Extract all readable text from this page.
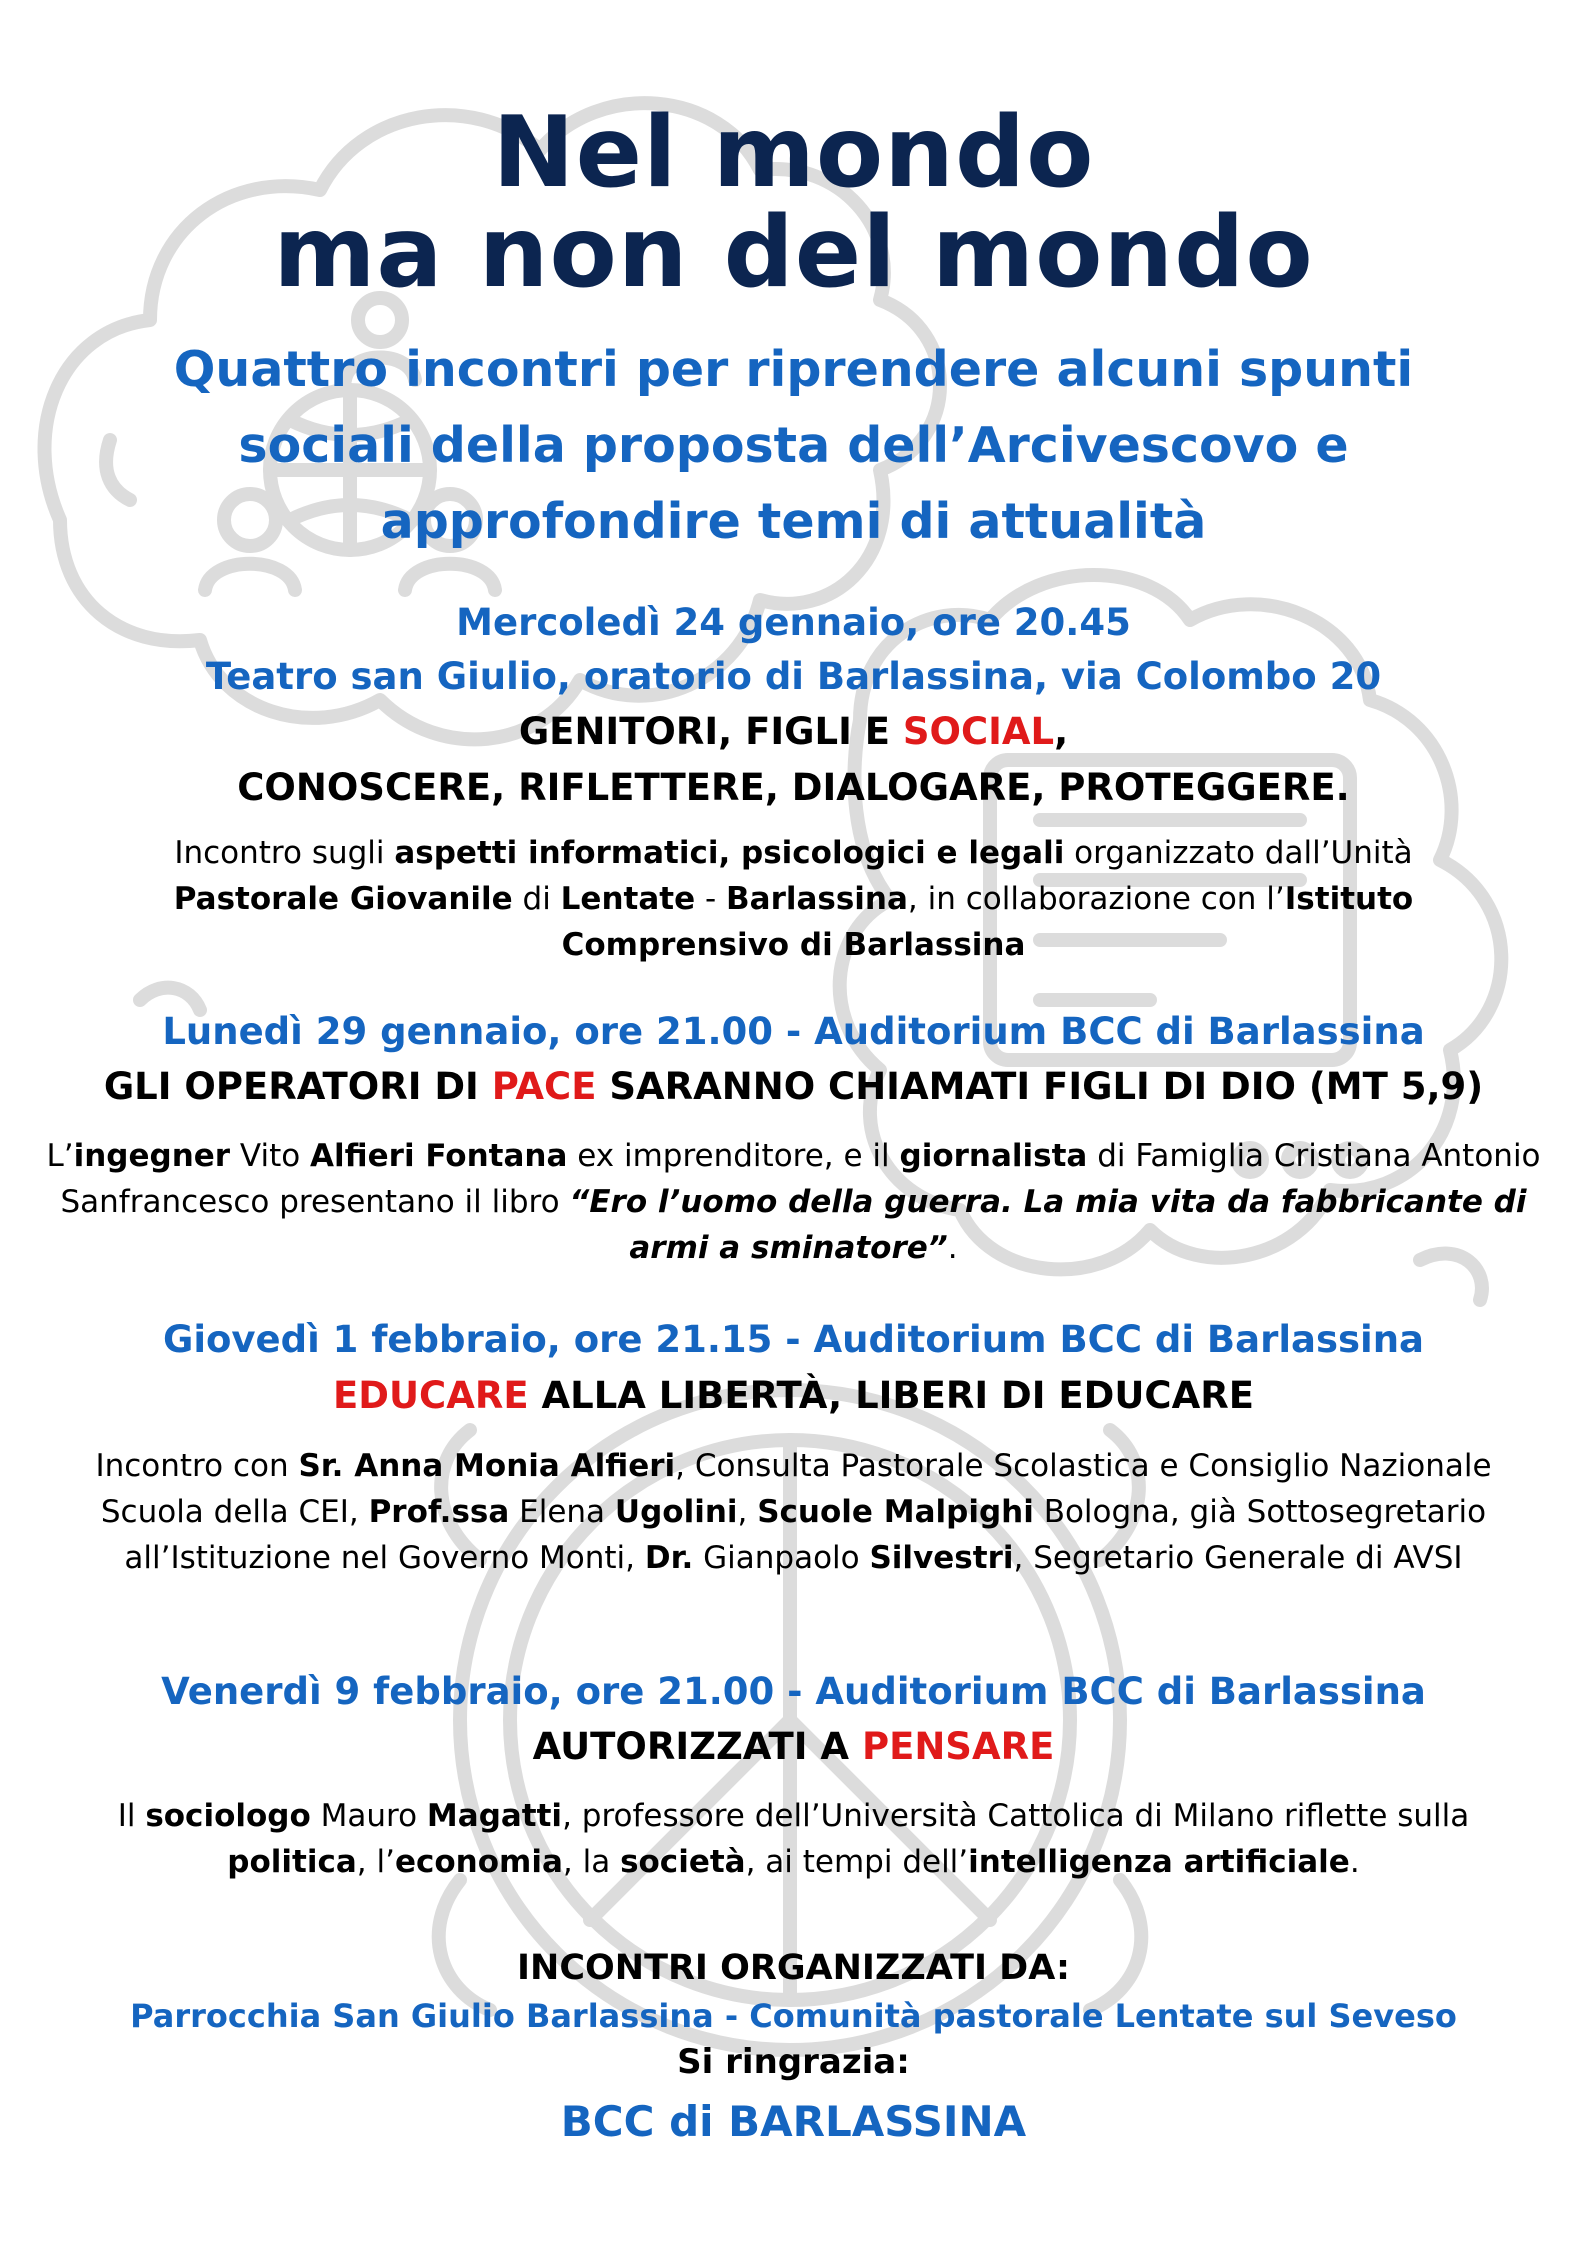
Nel mondo
ma non del mondo
Quattro incontri per riprendere alcuni spunti
sociali della proposta dell’Arcivescovo e
approfondire temi di attualità
Mercoledì 24 gennaio, ore 20.45
Teatro san Giulio, oratorio di Barlassina, via Colombo 20
GENITORI, FIGLI E SOCIAL,
CONOSCERE, RIFLETTERE, DIALOGARE, PROTEGGERE.
Incontro sugli aspetti informatici, psicologici e legali organizzato dall’Unità Pastorale Giovanile di Lentate - Barlassina, in collaborazione con l’Istituto Comprensivo di Barlassina
Lunedì 29 gennaio, ore 21.00 - Auditorium BCC di Barlassina
GLI OPERATORI DI PACE SARANNO CHIAMATI FIGLI DI DIO (MT 5,9)
L’ingegner Vito Alfieri Fontana ex imprenditore, e il giornalista di Famiglia Cristiana Antonio Sanfrancesco presentano il libro “Ero l’uomo della guerra. La mia vita da fabbricante di armi a sminatore”.
Giovedì 1 febbraio, ore 21.15 - Auditorium BCC di Barlassina
EDUCARE ALLA LIBERTÀ, LIBERI DI EDUCARE
Incontro con Sr. Anna Monia Alfieri, Consulta Pastorale Scolastica e Consiglio Nazionale Scuola della CEI, Prof.ssa Elena Ugolini, Scuole Malpighi Bologna, già Sottosegretario all’Istituzione nel Governo Monti, Dr. Gianpaolo Silvestri, Segretario Generale di AVSI
Venerdì 9 febbraio, ore 21.00 - Auditorium BCC di Barlassina
AUTORIZZATI A PENSARE
Il sociologo Mauro Magatti, professore dell’Università Cattolica di Milano riflette sulla politica, l’economia, la società, ai tempi dell’intelligenza artificiale.
INCONTRI ORGANIZZATI DA:
Parrocchia San Giulio Barlassina - Comunità pastorale Lentate sul Seveso
Si ringrazia:
BCC di BARLASSINA
